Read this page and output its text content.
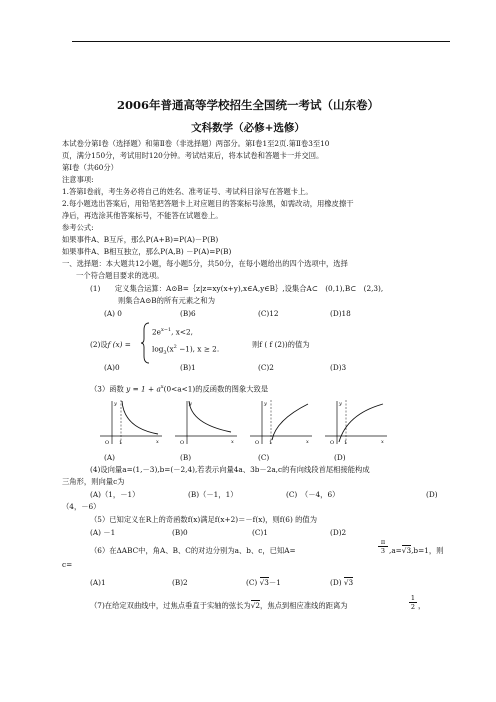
2006年普通高等学校招生全国统一考试（山东卷）
文科数学（必修+选修）
本试卷分第Ⅰ卷（选择题）和第Ⅱ卷（非选择题）两部分。第Ⅰ卷1至2页.第Ⅱ卷3至10
页，满分150分，考试用时120分钟。考试结束后，将本试卷和答题卡一并交回。
第Ⅰ卷（共60分）
注意事项:
1.答第Ⅰ卷前，考生务必将自己的姓名、准考证号、考试科目涂写在答题卡上。
2.每小题选出答案后，用铅笔把答题卡上对应题目的答案标号涂黑，如需改动，用橡皮擦干
净后，再选涂其他答案标号，不能答在试题卷上。
参考公式:
如果事件A、B互斥，那么P(A+B)=P(A)－P(B)
如果事件A、B相互独立，那么P(A,B) －P(A)=P(B)
一、选择题：本大题共12小题，每小题5分，共50分，在每小题给出的四个选项中，选择
一个符合题目要求的选项。
(1)　　定义集合运算：A⊙B=｛z|z=xy(x+y),x∈A,y∈B｝,设集合A⊂　(0,1),B⊂　(2,3),
则集合A⊙B的所有元素之和为
(A) 0	(B)6	(C)12	(D)18
(2)设f (x) =
$2e^{x-1}$, x<2,
$\log_3(x^2 -1)$, x ≥ 2.	则f ( f (2))的值为
(A)0	(B)1	(C)2	(D)3
（3）函数 $y = 1 + a^x(0<a<1)$的反函数的图象大致是
O 1	x
y
O	x
y
O 1	x
y
O 1	x
y
(A)	(B)	(C)	(D)
(4)设向量a=(1,－3),b=(－2,4),若表示向量4a、3b－2a,c的有向线段首尾相接能构成
三角形，则向量c为
(A)（1，－1）	(B)（－1，1）	(C)　（－4，6）	(D)
（4，－6）
（5）已知定义在R上的奇函数f(x)满足f(x+2)＝－f(x)，则f(6) 的值为
(A) －1	(B)0	(C)1	(D)2
（6）在ΔABC中，角A、B、C的对边分别为a、b、c，已知A=	$\frac{\pi}{3} ,a=√3,b=1$，则
c=
(A)1	(B)2	(C) √3－1	(D) √3
（7)在给定双曲线中，过焦点垂直于实轴的弦长为√2，焦点到相应准线的距离为	$\frac{1}{2}$ ，
